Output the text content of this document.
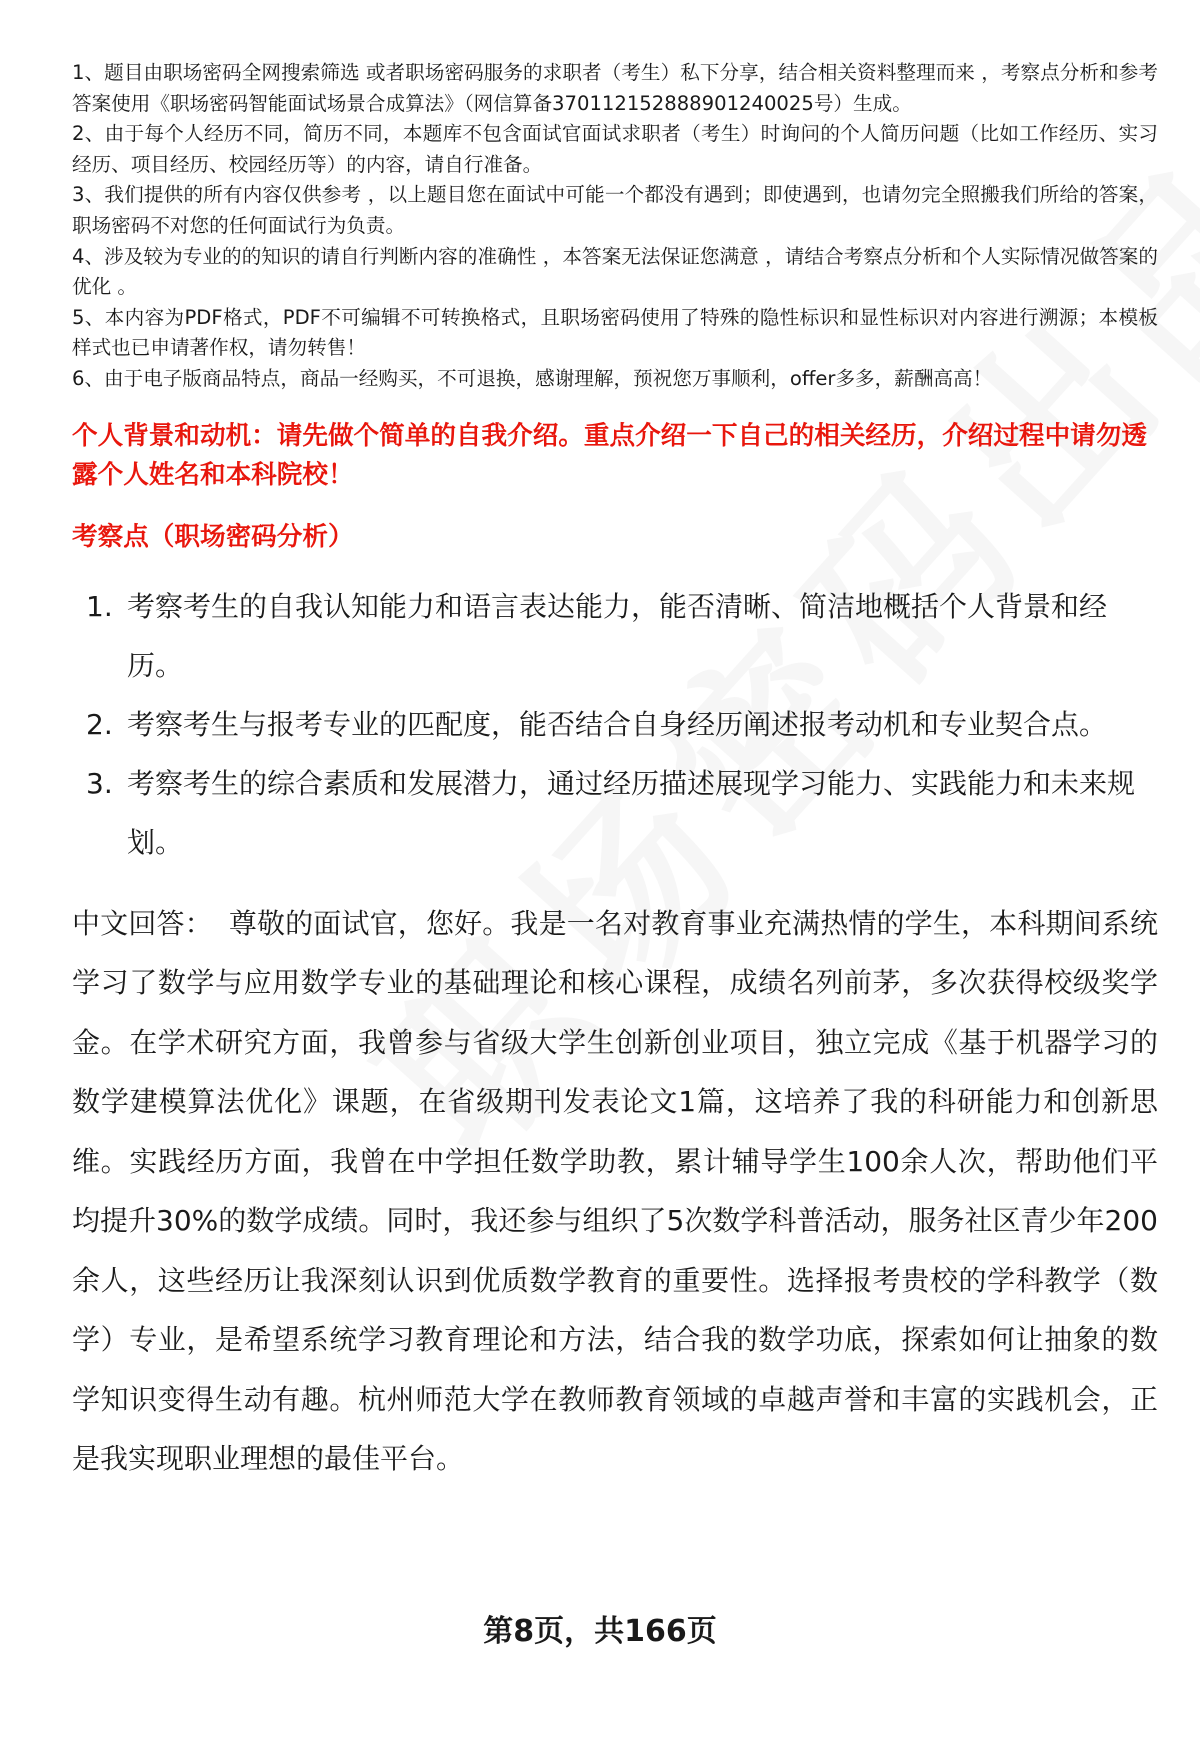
1、题目由职场密码全网搜索筛选 或者职场密码服务的求职者（考生）私下分享，结合相关资料整理而来 ，考察点分析和参考答案使用《职场密码智能面试场景合成算法》（网信算备370112152888901240025号）生成。
2、由于每个人经历不同，简历不同，本题库不包含面试官面试求职者（考生）时询问的个人简历问题（比如工作经历、实习经历、项目经历、校园经历等）的内容，请自行准备。
3、我们提供的所有内容仅供参考 ，以上题目您在面试中可能一个都没有遇到；即使遇到，也请勿完全照搬我们所给的答案，职场密码不对您的任何面试行为负责。
4、涉及较为专业的的知识的请自行判断内容的准确性 ，本答案无法保证您满意 ，请结合考察点分析和个人实际情况做答案的优化 。
5、本内容为PDF格式，PDF不可编辑不可转换格式，且职场密码使用了特殊的隐性标识和显性标识对内容进行溯源；本模板样式也已申请著作权，请勿转售！
6、由于电子版商品特点，商品一经购买，不可退换，感谢理解，预祝您万事顺利，offer多多，薪酬高高！
个人背景和动机：请先做个简单的自我介绍。重点介绍一下自己的相关经历，介绍过程中请勿透露个人姓名和本科院校！
考察点（职场密码分析）
1. 考察考生的自我认知能力和语言表达能力，能否清晰、简洁地概括个人背景和经历。
2. 考察考生与报考专业的匹配度，能否结合自身经历阐述报考动机和专业契合点。
3. 考察考生的综合素质和发展潜力，通过经历描述展现学习能力、实践能力和未来规划。
中文回答： 尊敬的面试官，您好。我是一名对教育事业充满热情的学生，本科期间系统学习了数学与应用数学专业的基础理论和核心课程，成绩名列前茅，多次获得校级奖学金。在学术研究方面，我曾参与省级大学生创新创业项目，独立完成《基于机器学习的数学建模算法优化》课题，在省级期刊发表论文1篇，这培养了我的科研能力和创新思维。实践经历方面，我曾在中学担任数学助教，累计辅导学生100余人次，帮助他们平均提升30%的数学成绩。同时，我还参与组织了5次数学科普活动，服务社区青少年200余人，这些经历让我深刻认识到优质数学教育的重要性。选择报考贵校的学科教学（数学）专业，是希望系统学习教育理论和方法，结合我的数学功底，探索如何让抽象的数学知识变得生动有趣。杭州师范大学在教师教育领域的卓越声誉和丰富的实践机会，正是我实现职业理想的最佳平台。
第8页，共166页
